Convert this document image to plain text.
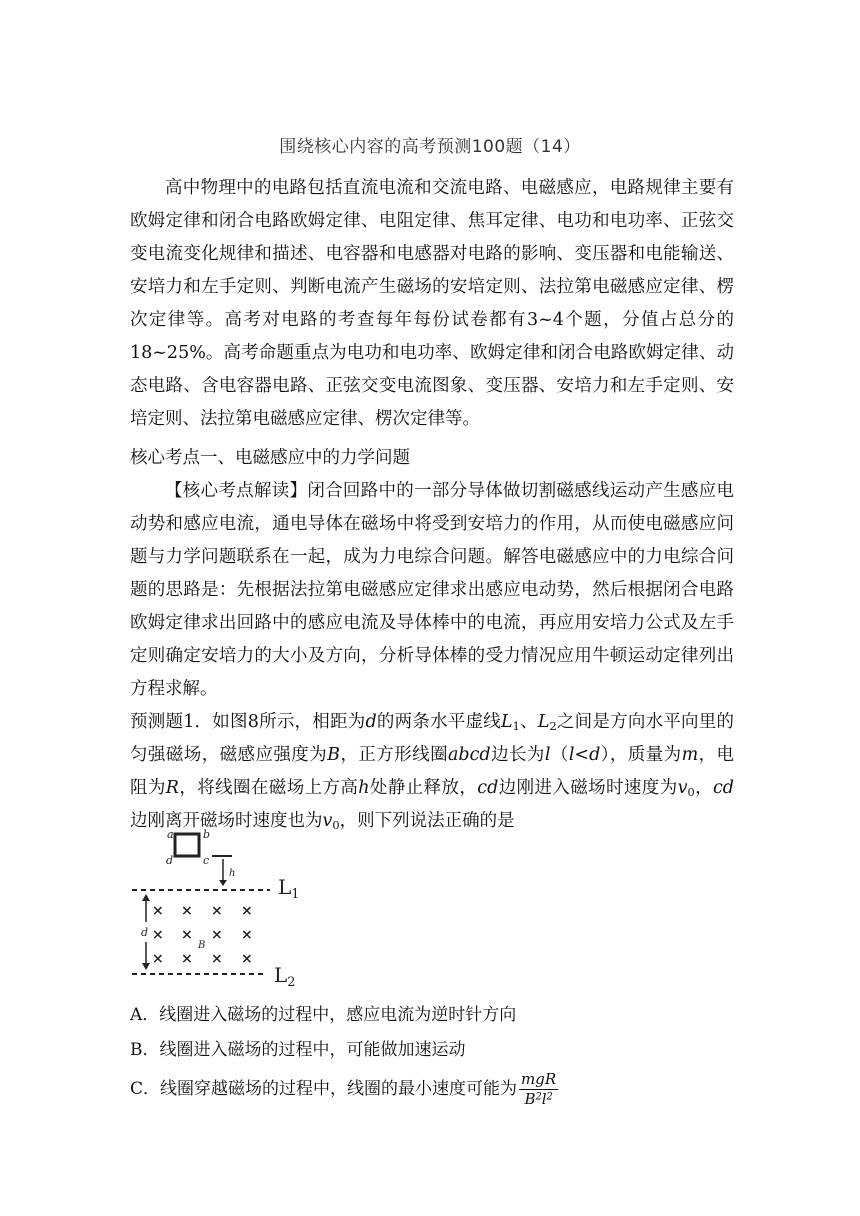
围绕核心内容的高考预测100题（14）

高中物理中的电路包括直流电流和交流电路、电磁感应，电路规律主要有欧姆定律和闭合电路欧姆定律、电阻定律、焦耳定律、电功和电功率、正弦交变电流变化规律和描述、电容器和电感器对电路的影响、变压器和电能输送、安培力和左手定则、判断电流产生磁场的安培定则、法拉第电磁感应定律、楞次定律等。高考对电路的考查每年每份试卷都有3~4个题，分值占总分的18~25%。高考命题重点为电功和电功率、欧姆定律和闭合电路欧姆定律、动态电路、含电容器电路、正弦交变电流图象、变压器、安培力和左手定则、安培定则、法拉第电磁感应定律、楞次定律等。

核心考点一、电磁感应中的力学问题

【核心考点解读】闭合回路中的一部分导体做切割磁感线运动产生感应电动势和感应电流，通电导体在磁场中将受到安培力的作用，从而使电磁感应问题与力学问题联系在一起，成为力电综合问题。解答电磁感应中的力电综合问题的思路是：先根据法拉第电磁感应定律求出感应电动势，然后根据闭合电路欧姆定律求出回路中的感应电流及导体棒中的电流，再应用安培力公式及左手定则确定安培力的大小及方向，分析导体棒的受力情况应用牛顿运动定律列出方程求解。

预测题1．如图8所示，相距为d的两条水平虚线$L_1$、$L_2$之间是方向水平向里的匀强磁场，磁感应强度为B，正方形线圈abcd边长为l（l<d），质量为m，电阻为R，将线圈在磁场上方高h处静止释放，cd边刚进入磁场时速度为$v_0$，cd边刚离开磁场时速度也为$v_0$，则下列说法正确的是

a	b
d	c
h
$L_1$
$L_2$
d
× × × ×
× × × ×
× × × ×
B
A．线圈进入磁场的过程中，感应电流为逆时针方向
B．线圈进入磁场的过程中，可能做加速运动
C．线圈穿越磁场的过程中，线圈的最小速度可能为 $\frac{\text{mgR}}{B^2l^2}$
